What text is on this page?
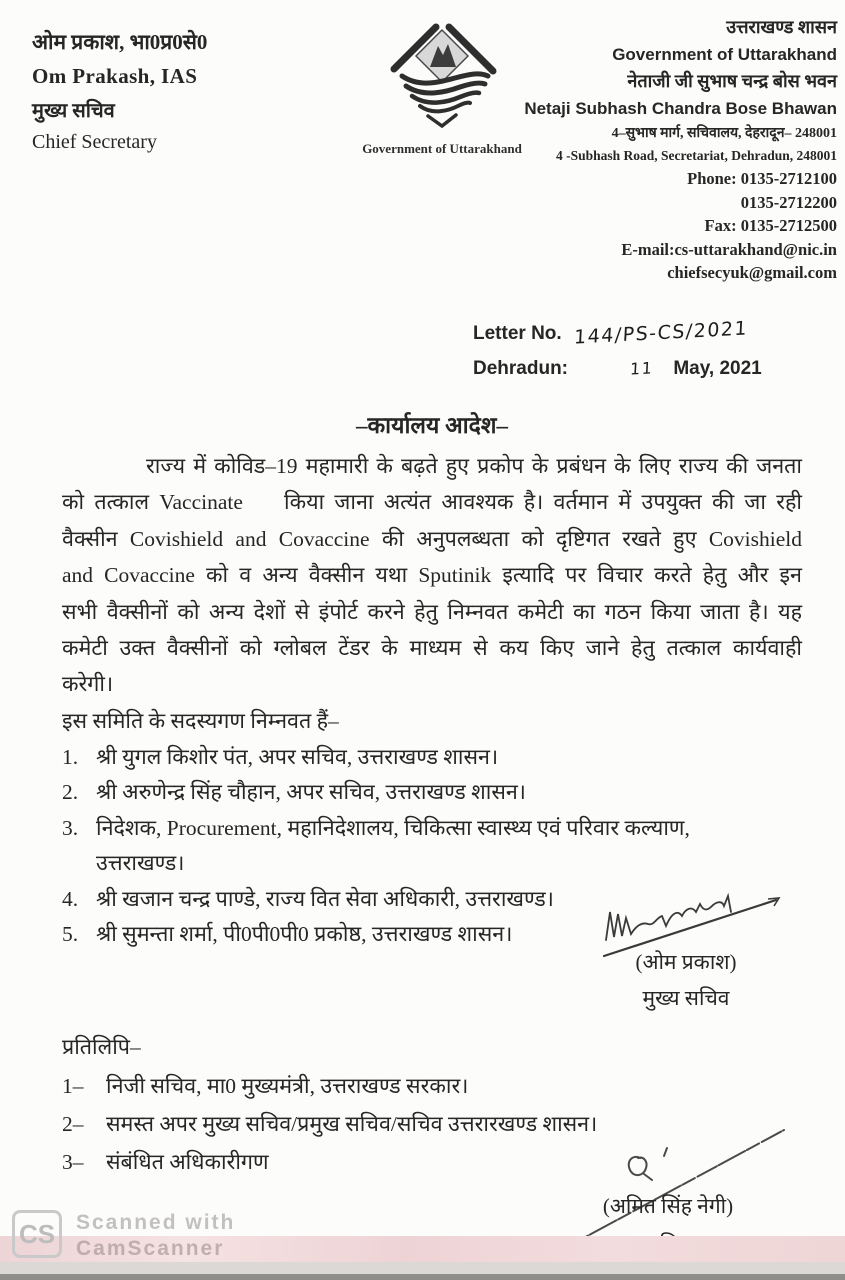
ओम प्रकाश, भा0प्र0से0
Om Prakash, IAS
मुख्य सचिव
Chief Secretary	Government of Uttarakhand
उत्तराखण्ड शासन
Government of Uttarakhand
नेताजी जी सुभाष चन्द्र बोस भवन
Netaji Subhash Chandra Bose Bhawan
4–सुभाष मार्ग, सचिवालय, देहरादून– 248001
4 -Subhash Road, Secretariat, Dehradun, 248001
Phone: 0135-2712100
0135-2712200
Fax: 0135-2712500
E-mail:cs-uttarakhand@nic.in
chiefsecyuk@gmail.com
Letter No. 144/PS-CS/2021
Dehradun:	11 May, 2021
–कार्यालय आदेश–
राज्य में कोविड–19 महामारी के बढ़ते हुए प्रकोप के प्रबंधन के लिए राज्य की जनता
को तत्काल Vaccinate    किया जाना अत्यंत आवश्यक है। वर्तमान में उपयुक्त की जा रही
वैक्सीन Covishield and Covaccine की अनुपलब्धता को दृष्टिगत रखते हुए Covishield
and Covaccine को व अन्य वैक्सीन यथा Sputinik इत्यादि पर विचार करते हेतु और इन
सभी वैक्सीनों को अन्य देशों से इंपोर्ट करने हेतु निम्नवत कमेटी का गठन किया जाता है। यह
कमेटी उक्त वैक्सीनों को ग्लोबल टेंडर के माध्यम से कय किए जाने हेतु तत्काल कार्यवाही
करेगी।
इस समिति के सदस्यगण निम्नवत हैं–
1. श्री युगल किशोर पंत, अपर सचिव, उत्तराखण्ड शासन।
2. श्री अरुणेन्द्र सिंह चौहान, अपर सचिव, उत्तराखण्ड शासन।
3. निदेशक, Procurement, महानिदेशालय, चिकित्सा स्वास्थ्य एवं परिवार कल्याण, उत्तराखण्ड।
4. श्री खजान चन्द्र पाण्डे, राज्य वित सेवा अधिकारी, उत्तराखण्ड।
5. श्री सुमन्ता शर्मा, पी0पी0पी0 प्रकोष्ठ, उत्तराखण्ड शासन।
(ओम प्रकाश)
मुख्य सचिव
प्रतिलिपि–
1–	निजी सचिव, मा0 मुख्यमंत्री, उत्तराखण्ड सरकार।
2–	समस्त अपर मुख्य सचिव/प्रमुख सचिव/सचिव उत्तरारखण्ड शासन।
3–	संबंधित अधिकारीगण
(अमित सिंह नेगी)
CS Scanned with
CamScanner
